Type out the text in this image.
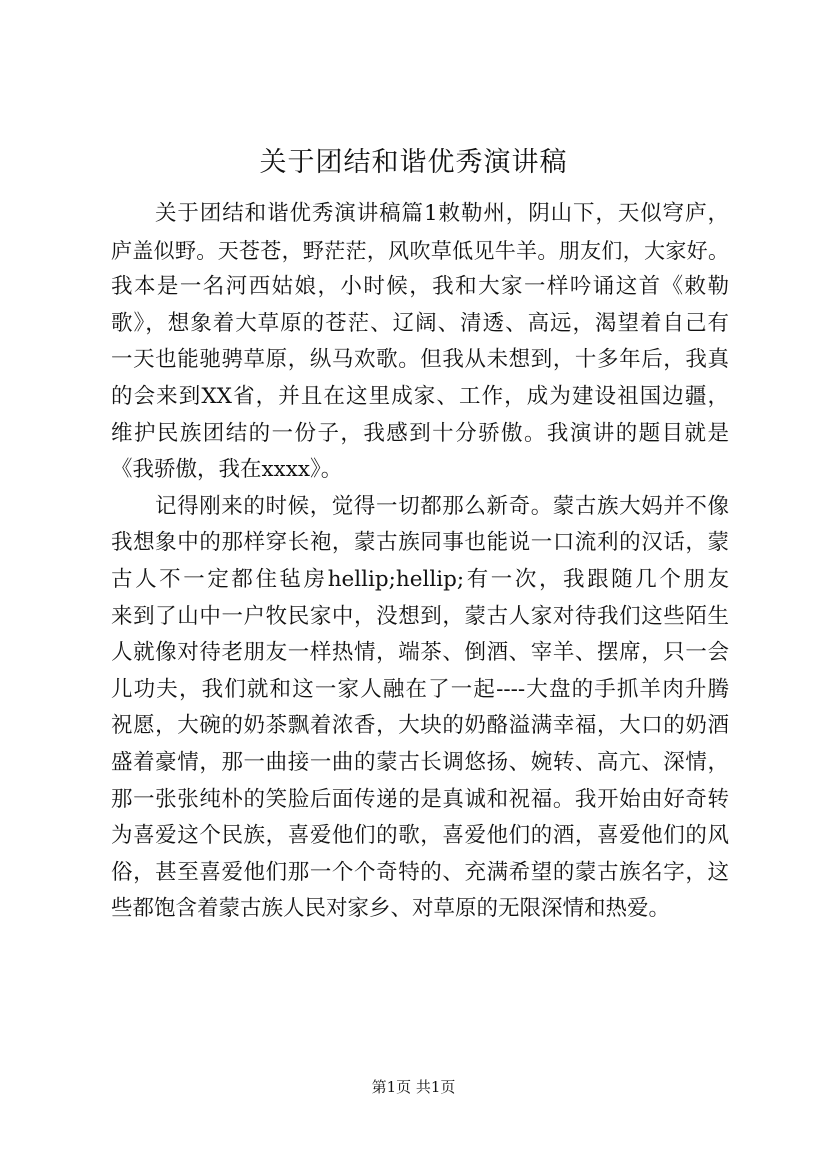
关于团结和谐优秀演讲稿
关于团结和谐优秀演讲稿篇1敕勒州，阴山下，天似穹庐，
庐盖似野。天苍苍，野茫茫，风吹草低见牛羊。朋友们，大家好。
我本是一名河西姑娘，小时候，我和大家一样吟诵这首《敕勒
歌》，想象着大草原的苍茫、辽阔、清透、高远，渴望着自己有
一天也能驰骋草原，纵马欢歌。但我从未想到，十多年后，我真
的会来到XX省，并且在这里成家、工作，成为建设祖国边疆，
维护民族团结的一份子，我感到十分骄傲。我演讲的题目就是
《我骄傲，我在xxxx》。
记得刚来的时候，觉得一切都那么新奇。蒙古族大妈并不像
我想象中的那样穿长袍，蒙古族同事也能说一口流利的汉话，蒙
古人不一定都住毡房hellip;hellip;有一次，我跟随几个朋友
来到了山中一户牧民家中，没想到，蒙古人家对待我们这些陌生
人就像对待老朋友一样热情，端茶、倒酒、宰羊、摆席，只一会
儿功夫，我们就和这一家人融在了一起----大盘的手抓羊肉升腾
祝愿，大碗的奶茶飘着浓香，大块的奶酪溢满幸福，大口的奶酒
盛着豪情，那一曲接一曲的蒙古长调悠扬、婉转、高亢、深情，
那一张张纯朴的笑脸后面传递的是真诚和祝福。我开始由好奇转
为喜爱这个民族，喜爱他们的歌，喜爱他们的酒，喜爱他们的风
俗，甚至喜爱他们那一个个奇特的、充满希望的蒙古族名字，这
些都饱含着蒙古族人民对家乡、对草原的无限深情和热爱。
第1页 共1页
